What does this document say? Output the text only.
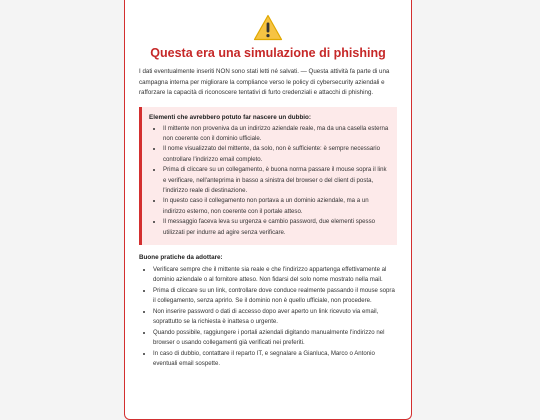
Questa era una simulazione di phishing

I dati eventualmente inseriti NON sono stati letti né salvati. — Questa attività fa parte di una campagna interna per migliorare la compliance verso le policy di cybersecurity aziendali e rafforzare la capacità di riconoscere tentativi di furto credenziali e attacchi di phishing.

Elementi che avrebbero potuto far nascere un dubbio:
• Il mittente non proveniva da un indirizzo aziendale reale, ma da una casella esterna non coerente con il dominio ufficiale.
• Il nome visualizzato del mittente, da solo, non è sufficiente: è sempre necessario controllare l'indirizzo email completo.
• Prima di cliccare su un collegamento, è buona norma passare il mouse sopra il link e verificare, nell'anteprima in basso a sinistra del browser o del client di posta, l'indirizzo reale di destinazione.
• In questo caso il collegamento non portava a un dominio aziendale, ma a un indirizzo esterno, non coerente con il portale atteso.
• Il messaggio faceva leva su urgenza e cambio password, due elementi spesso utilizzati per indurre ad agire senza verificare.
Buone pratiche da adottare:
• Verificare sempre che il mittente sia reale e che l'indirizzo appartenga effettivamente al dominio aziendale o al fornitore atteso. Non fidarsi del solo nome mostrato nella mail.
• Prima di cliccare su un link, controllare dove conduce realmente passando il mouse sopra il collegamento, senza aprirlo. Se il dominio non è quello ufficiale, non procedere.
• Non inserire password o dati di accesso dopo aver aperto un link ricevuto via email, soprattutto se la richiesta è inattesa o urgente.
• Quando possibile, raggiungere i portali aziendali digitando manualmente l'indirizzo nel browser o usando collegamenti già verificati nei preferiti.
• In caso di dubbio, contattare il reparto IT, e segnalare a Gianluca, Marco o Antonio eventuali email sospette.
